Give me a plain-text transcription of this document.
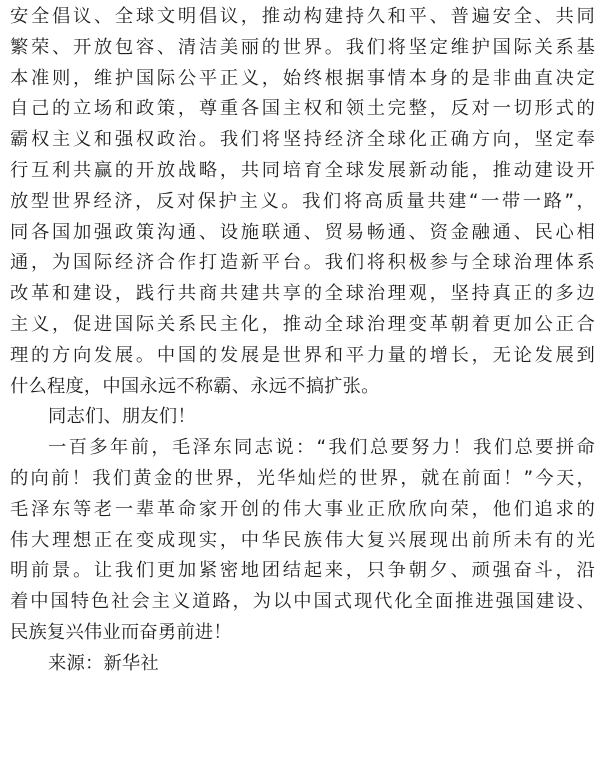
安全倡议、全球文明倡议，推动构建持久和平、普遍安全、共同
繁荣、开放包容、清洁美丽的世界。我们将坚定维护国际关系基
本准则，维护国际公平正义，始终根据事情本身的是非曲直决定
自己的立场和政策，尊重各国主权和领土完整，反对一切形式的
霸权主义和强权政治。我们将坚持经济全球化正确方向，坚定奉
行互利共赢的开放战略，共同培育全球发展新动能，推动建设开
放型世界经济，反对保护主义。我们将高质量共建“一带一路”，
同各国加强政策沟通、设施联通、贸易畅通、资金融通、民心相
通，为国际经济合作打造新平台。我们将积极参与全球治理体系
改革和建设，践行共商共建共享的全球治理观，坚持真正的多边
主义，促进国际关系民主化，推动全球治理变革朝着更加公正合
理的方向发展。中国的发展是世界和平力量的增长，无论发展到
什么程度，中国永远不称霸、永远不搞扩张。
同志们、朋友们！
一百多年前，毛泽东同志说：“我们总要努力！我们总要拼命
的向前！我们黄金的世界，光华灿烂的世界，就在前面！”今天，
毛泽东等老一辈革命家开创的伟大事业正欣欣向荣，他们追求的
伟大理想正在变成现实，中华民族伟大复兴展现出前所未有的光
明前景。让我们更加紧密地团结起来，只争朝夕、顽强奋斗，沿
着中国特色社会主义道路，为以中国式现代化全面推进强国建设、
民族复兴伟业而奋勇前进！
来源：新华社
